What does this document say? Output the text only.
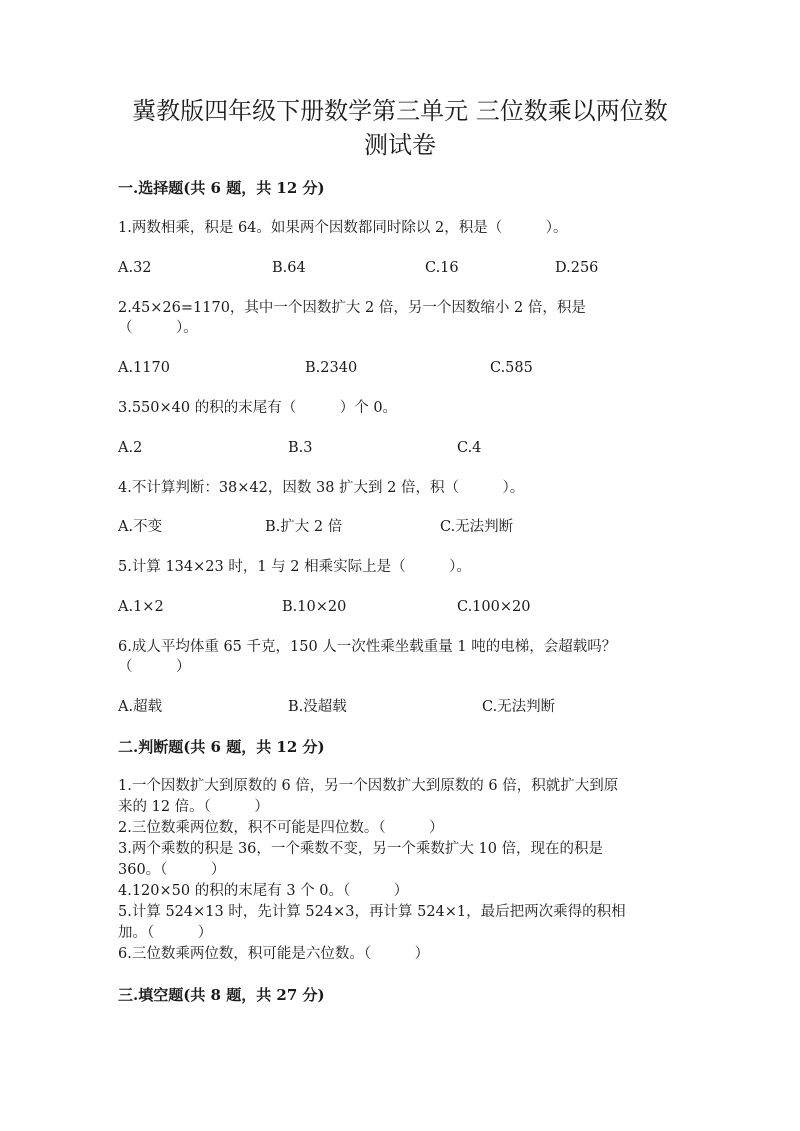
冀教版四年级下册数学第三单元 三位数乘以两位数
测试卷
一.选择题(共 6 题，共 12 分)
1.两数相乘，积是 64。如果两个因数都同时除以 2，积是（　　　）。
A.32	B.64	C.16	D.256
2.45×26=1170，其中一个因数扩大 2 倍，另一个因数缩小 2 倍，积是
（　　　）。
A.1170	B.2340	C.585
3.550×40 的积的末尾有（　　　）个 0。
A.2	B.3	C.4
4.不计算判断：38×42，因数 38 扩大到 2 倍，积（　　　）。
A.不变	B.扩大 2 倍	C.无法判断
5.计算 134×23 时，1 与 2 相乘实际上是（　　　）。
A.1×2	B.10×20	C.100×20
6.成人平均体重 65 千克，150 人一次性乘坐载重量 1 吨的电梯，会超载吗？
（　　　）
A.超载	B.没超载	C.无法判断
二.判断题(共 6 题，共 12 分)
1.一个因数扩大到原数的 6 倍，另一个因数扩大到原数的 6 倍，积就扩大到原
来的 12 倍。（　　　）
2.三位数乘两位数，积不可能是四位数。（　　　）
3.两个乘数的积是 36，一个乘数不变，另一个乘数扩大 10 倍，现在的积是
360。（　　　）
4.120×50 的积的末尾有 3 个 0。（　　　）
5.计算 524×13 时，先计算 524×3，再计算 524×1，最后把两次乘得的积相
加。（　　　）
6.三位数乘两位数，积可能是六位数。（　　　）
三.填空题(共 8 题，共 27 分)
